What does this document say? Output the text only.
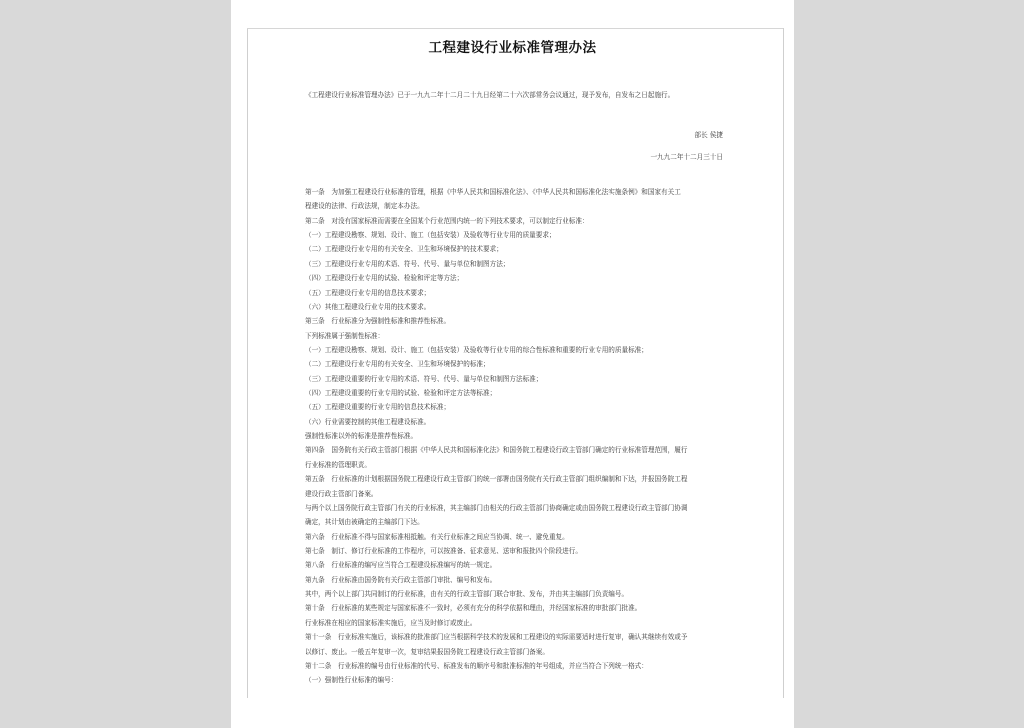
工程建设行业标准管理办法
《工程建设行业标准管理办法》已于一九九二年十二月二十九日经第二十六次部常务会议通过，现予发布，自发布之日起施行。
部长 侯捷
一九九二年十二月三十日
第一条　为加强工程建设行业标准的管理，根据《中华人民共和国标准化法》、《中华人民共和国标准化法实施条例》和国家有关工
程建设的法律、行政法规，制定本办法。
第二条　对没有国家标准而需要在全国某个行业范围内统一的下列技术要求，可以制定行业标准：
（一）工程建设勘察、规划、设计、施工（包括安装）及验收等行业专用的质量要求；
（二）工程建设行业专用的有关安全、卫生和环境保护的技术要求；
（三）工程建设行业专用的术语、符号、代号、量与单位和制图方法；
（四）工程建设行业专用的试验、检验和评定等方法；
（五）工程建设行业专用的信息技术要求；
（六）其他工程建设行业专用的技术要求。
第三条　行业标准分为强制性标准和推荐性标准。
下列标准属于强制性标准：
（一）工程建设勘察、规划、设计、施工（包括安装）及验收等行业专用的综合性标准和重要的行业专用的质量标准；
（二）工程建设行业专用的有关安全、卫生和环境保护的标准；
（三）工程建设重要的行业专用的术语、符号、代号、量与单位和制图方法标准；
（四）工程建设重要的行业专用的试验、检验和评定方法等标准；
（五）工程建设重要的行业专用的信息技术标准；
（六）行业需要控制的其他工程建设标准。
强制性标准以外的标准是推荐性标准。
第四条　国务院有关行政主管部门根据《中华人民共和国标准化法》和国务院工程建设行政主管部门确定的行业标准管理范围，履行
行业标准的管理职责。
第五条　行业标准的计划根据国务院工程建设行政主管部门的统一部署由国务院有关行政主管部门组织编制和下达，并报国务院工程
建设行政主管部门备案。
与两个以上国务院行政主管部门有关的行业标准，其主编部门由相关的行政主管部门协商确定或由国务院工程建设行政主管部门协调
确定，其计划由被确定的主编部门下达。
第六条　行业标准不得与国家标准相抵触。有关行业标准之间应当协调、统一、避免重复。
第七条　制订、修订行业标准的工作程序，可以按准备、征求意见、送审和报批四个阶段进行。
第八条　行业标准的编写应当符合工程建设标准编写的统一规定。
第九条　行业标准由国务院有关行政主管部门审批、编号和发布。
其中，两个以上部门共同制订的行业标准，由有关的行政主管部门联合审批、发布，并由其主编部门负责编号。
第十条　行业标准的某些规定与国家标准不一致时，必须有充分的科学依据和理由，并经国家标准的审批部门批准。
行业标准在相应的国家标准实施后，应当及时修订或废止。
第十一条　行业标准实施后，该标准的批准部门应当根据科学技术的发展和工程建设的实际需要适时进行复审，确认其继续有效或予
以修订、废止。一般五年复审一次，复审结果报国务院工程建设行政主管部门备案。
第十二条　行业标准的编号由行业标准的代号、标准发布的顺序号和批准标准的年号组成，并应当符合下列统一格式：
（一）强制性行业标准的编号：
